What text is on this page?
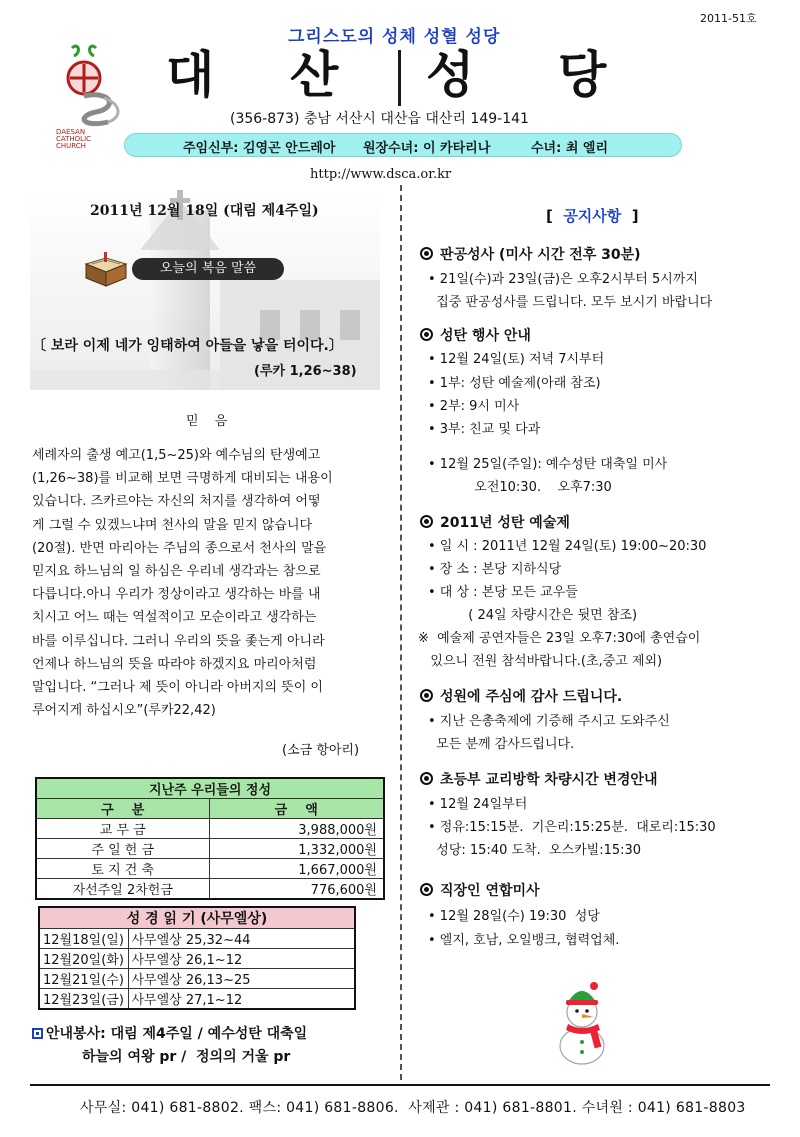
2011-51호
그리스도의 성체 성혈 성당
DAESAN
CATHOLIC
CHURCH
대 산 성 당
(356-873) 충남 서산시 대산읍 대산리 149-141
주임신부: 김영곤 안드레아 원장수녀: 이 카타리나	수녀: 최 엘리
http://www.dsca.or.kr
2011년 12월 18일 (대림 제4주일)
오늘의 복음 말씀
〔 보라 이제 네가 잉태하여 아들을 낳을 터이다.〕
(루카 1,26~38)
믿 음
세례자의 출생 예고(1,5~25)와 예수님의 탄생예고
(1,26~38)를 비교해 보면 극명하게 대비되는 내용이
있습니다. 즈카르야는 자신의 처지를 생각하여 어떻
게 그럴 수 있겠느냐며 천사의 말을 믿지 않습니다
(20절). 반면 마리아는 주님의 종으로서 천사의 말을
믿지요 하느님의 일 하심은 우리네 생각과는 참으로
다릅니다.아니 우리가 정상이라고 생각하는 바를 내
치시고 어느 때는 역설적이고 모순이라고 생각하는
바를 이루십니다. 그러니 우리의 뜻을 좇는게 아니라
언제나 하느님의 뜻을 따라야 하겠지요 마리아처럼
말입니다. “그러나 제 뜻이 아니라 아버지의 뜻이 이
루어지게 하십시오”(루카22,42)
(소금 항아리)
지난주 우리들의 정성	
구    분	금    액
교 무 금	3,988,000원
주 일 헌 금	1,332,000원
토 지 건 축	1,667,000원
자선주일 2차헌금	776,600원
성 경 읽 기 (사무엘상)	
12월18일(일)	사무엘상 25,32~44
12월20일(화)	사무엘상 26,1~12
12월21일(수)	사무엘상 26,13~25
12월23일(금)	사무엘상 27,1~12
안내봉사: 대림 제4주일 / 예수성탄 대축일
하늘의 여왕 pr /  정의의 거울 pr
[ 공지사항 ]
판공성사 (미사 시간 전후 30분)
• 21일(수)과 23일(금)은 오후2시부터 5시까지
집중 판공성사를 드립니다. 모두 보시기 바랍니다
성탄 행사 안내
• 12월 24일(토) 저녁 7시부터
• 1부: 성탄 예술제(아래 참조)
• 2부: 9시 미사
• 3부: 친교 및 다과
• 12월 25일(주일): 예수성탄 대축일 미사
오전10:30.    오후7:30
2011년 성탄 예술제
• 일 시 : 2011년 12월 24일(토) 19:00~20:30
• 장 소 : 본당 지하식당
• 대 상 : 본당 모든 교우들
( 24일 차량시간은 뒷면 참조)
※  예술제 공연자들은 23일 오후7:30에 총연습이
있으니 전원 참석바랍니다.(초,중고 제외)
성원에 주심에 감사 드립니다.
• 지난 은총축제에 기증해 주시고 도와주신
모든 분께 감사드립니다.
초등부 교리방학 차량시간 변경안내
• 12월 24일부터
• 정유:15:15분.  기은리:15:25분.  대로리:15:30
성당: 15:40 도착.  오스카빌:15:30
직장인 연합미사
• 12월 28일(수) 19:30  성당
• 엘지, 호남, 오일뱅크, 협력업체.
사무실: 041) 681-8802. 팩스: 041) 681-8806.  사제관 : 041) 681-8801. 수녀원 : 041) 681-8803
